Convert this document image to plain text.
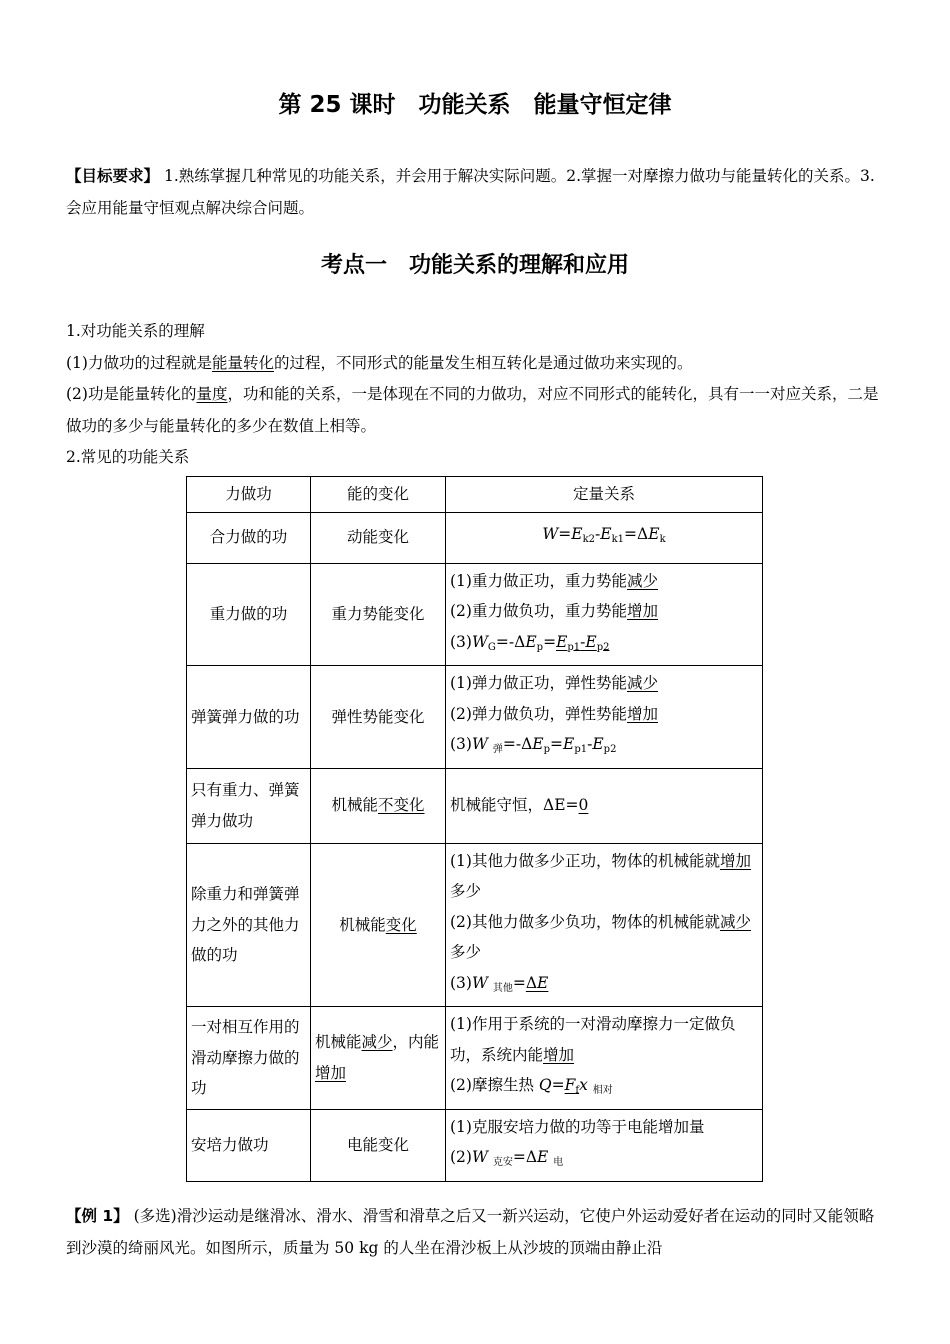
第 25 课时　功能关系　能量守恒定律
【目标要求】 1.熟练掌握几种常见的功能关系，并会用于解决实际问题。2.掌握一对摩擦力做功与能量转化的关系。3.会应用能量守恒观点解决综合问题。
考点一　功能关系的理解和应用

1.对功能关系的理解

(1)力做功的过程就是能量转化的过程，不同形式的能量发生相互转化是通过做功来实现的。

(2)功是能量转化的量度，功和能的关系，一是体现在不同的力做功，对应不同形式的能转化，具有一一对应关系，二是做功的多少与能量转化的多少在数值上相等。

2.常见的功能关系

力做功	能的变化	定量关系
合力做的功	动能变化	$W=E_{k2}-E_{k1}=\Delta E_k$
重力做的功	重力势能变化	(1)重力做正功，重力势能减少
(2)重力做负功，重力势能增加
$(3)W_G=-\Delta E_p=E_{p1}-E_{p2}$

弹簧弹力做的功	弹性势能变化	(1)弹力做正功，弹性势能减少
(2)弹力做负功，弹性势能增加
(3)W $_弹=-\Delta E_p=E_{p1}-E_{p2}$

只有重力、弹簧弹力做功	机械能不变化	机械能守恒，ΔE=0
除重力和弹簧弹力之外的其他力做的功	机械能变化	(1)其他力做多少正功，物体的机械能就增加多少
(2)其他力做多少负功，物体的机械能就减少多少
(3)W $_{其他}$=ΔE

一对相互作用的滑动摩擦力做的功	机械能减少，内能增加	(1)作用于系统的一对滑动摩擦力一定做负功，系统内能增加
(2)摩擦生热 $Q=F_fx$ $_{相对}$

安培力做功	电能变化	(1)克服安培力做的功等于电能增加量
(2)W $_{克安}$=ΔE $_电$
【例 1】 (多选)滑沙运动是继滑冰、滑水、滑雪和滑草之后又一新兴运动，它使户外运动爱好者在运动的同时又能领略到沙漠的绮丽风光。如图所示，质量为 50 kg 的人坐在滑沙板上从沙坡的顶端由静止沿
